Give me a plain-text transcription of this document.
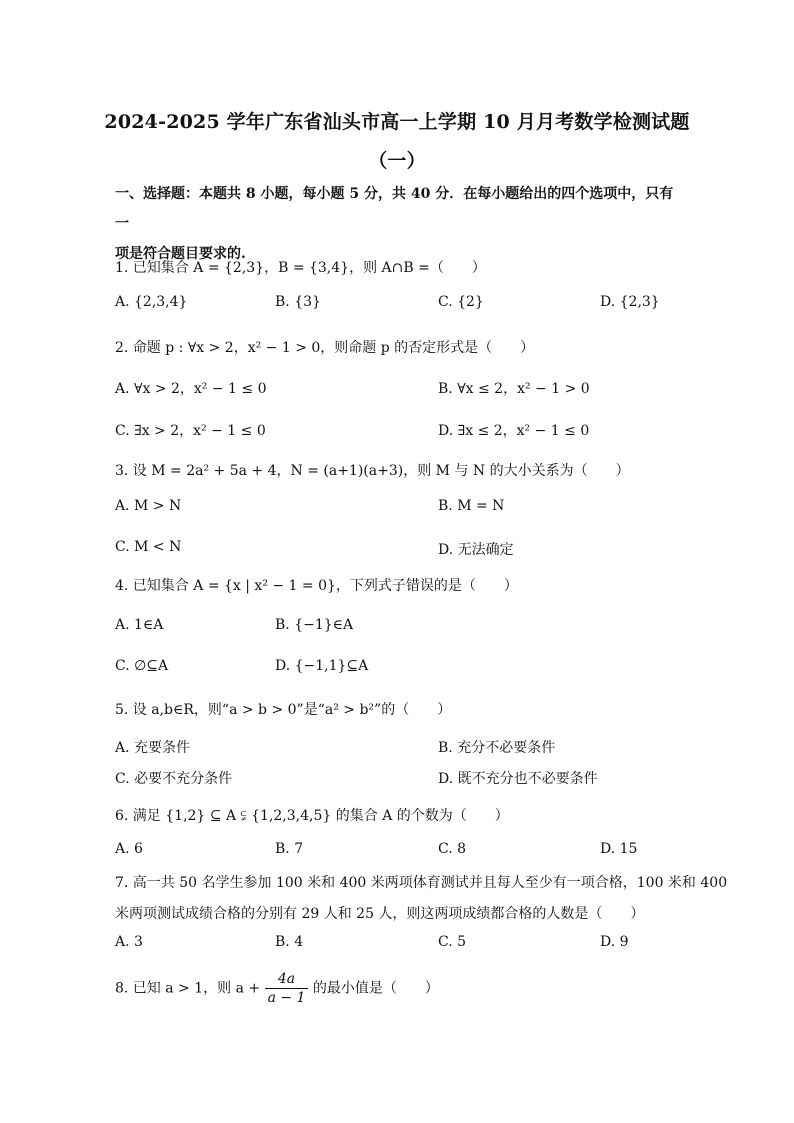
2024-2025 学年广东省汕头市高一上学期 10 月月考数学检测试题
（一）
一、选择题：本题共 8 小题，每小题 5 分，共 40 分．在每小题给出的四个选项中，只有一
项是符合题目要求的.
1. 已知集合 A = {2,3}，B = {3,4}，则 A∩B =（　　）
A. {2,3,4}	B. {3}	C. {2}	D. {2,3}
2. 命题 p : ∀x > 2，x² − 1 > 0，则命题 p 的否定形式是（　　）
A. ∀x > 2，x² − 1 ≤ 0	B. ∀x ≤ 2，x² − 1 > 0
C. ∃x > 2，x² − 1 ≤ 0	D. ∃x ≤ 2，x² − 1 ≤ 0
3. 设 M = 2a² + 5a + 4，N = (a+1)(a+3)，则 M 与 N 的大小关系为（　　）
A. M > N	B. M = N
C. M < N	D. 无法确定
4. 已知集合 A = {x | x² − 1 = 0}，下列式子错误的是（　　）
A. 1∈A	B. {−1}∈A
C. ∅⊆A	D. {−1,1}⊆A
5. 设 a,b∈R，则“a > b > 0”是“a² > b²”的（　　）
A. 充要条件	B. 充分不必要条件
C. 必要不充分条件	D. 既不充分也不必要条件
6. 满足 {1,2} ⊆ A ⫋ {1,2,3,4,5} 的集合 A 的个数为（　　）
A. 6	B. 7	C. 8	D. 15
7. 高一共 50 名学生参加 100 米和 400 米两项体育测试并且每人至少有一项合格，100 米和 400
米两项测试成绩合格的分别有 29 人和 25 人，则这两项成绩都合格的人数是（　　）
A. 3	B. 4	C. 5	D. 9
8. 已知 a > 1，则 $a + \frac{4a}{a - 1}$ 的最小值是（　　）
